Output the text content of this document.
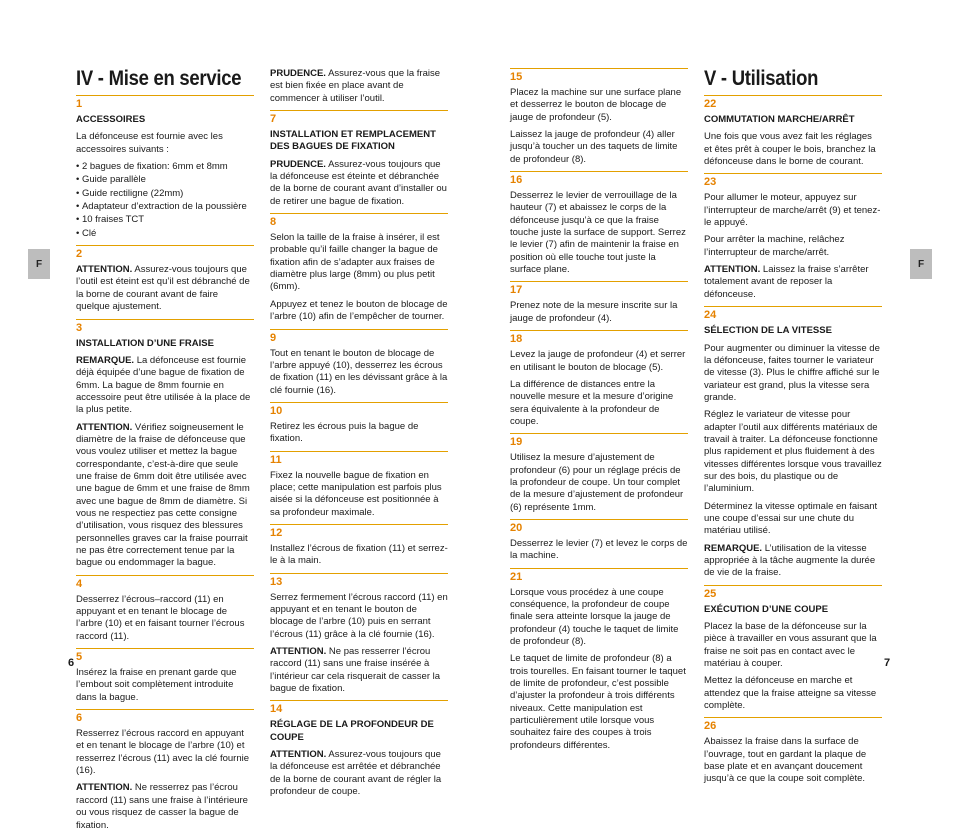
F	F
IV - Mise en service
1
ACCESSOIRES

La défonceuse est fournie avec les accessoires suivants :

• 2 bagues de fixation: 6mm et 8mm
• Guide parallèle
• Guide rectiligne (22mm)
• Adaptateur d’extraction de la poussière
• 10 fraises TCT
• Clé
2

ATTENTION. Assurez-vous toujours que l’outil est éteint est qu’il est débranché de la borne de courant avant de faire quelque ajustement.

3
INSTALLATION D’UNE FRAISE

REMARQUE. La défonceuse est fournie déjà équipée d’une bague de fixation de 6mm. La bague de 8mm fournie en accessoire peut être utilisée à la place de la plus petite.

ATTENTION. Vérifiez soigneusement le diamètre de la fraise de défonceuse que vous voulez utiliser et mettez la bague correspondante, c’est-à-dire que seule une fraise de 6mm doit être utilisée avec une bague de 6mm et une fraise de 8mm avec une bague de 8mm de diamètre. Si vous ne respectiez pas cette consigne d’utilisation, vous risquez des blessures personnelles graves car la fraise pourrait ne pas être correctement tenue par la bague ou endommager la bague.

4

Desserrez l’écrous–raccord (11) en appuyant et en tenant le blocage de l’arbre (10) et en faisant tourner l’écrous raccord (11).

5

Insérez la fraise en prenant garde que l’embout soit complètement introduite dans la bague.

6

Resserrez l’écrous raccord en appuyant et en tenant le blocage de l’arbre (10) et resserrez l’écrous (11) avec la clé fournie (16).

ATTENTION. Ne resserrez pas l’écrou raccord (11) sans une fraise à l’intérieure ou vous risquez de casser la bague de fixation.

PRUDENCE. Assurez-vous que la fraise est bien fixée en place avant de commencer à utiliser l’outil.

7
INSTALLATION ET REMPLACEMENT DES BAGUES DE FIXATION

PRUDENCE. Assurez-vous toujours que la défonceuse est éteinte et débranchée de la borne de courant avant d’installer ou de retirer une bague de fixation.

8

Selon la taille de la fraise à insérer, il est probable qu’il faille changer la bague de fixation afin de s’adapter aux fraises de diamètre plus large (8mm) ou plus petit (6mm).

Appuyez et tenez le bouton de blocage de l’arbre (10) afin de l’empêcher de tourner.

9

Tout en tenant le bouton de blocage de l’arbre appuyé (10), desserrez les écrous de fixation (11) en les dévissant grâce à la clé fournie (16).

10

Retirez les écrous puis la bague de fixation.

11

Fixez la nouvelle bague de fixation en place; cette manipulation est parfois plus aisée si la défonceuse est positionnée à sa profondeur maximale.

12

Installez l’écrous de fixation (11) et serrez-le à la main.

13

Serrez fermement l’écrous raccord (11) en appuyant et en tenant le bouton de blocage de l’arbre (10) puis en serrant l’écrous (11) grâce à la clé fournie (16).

ATTENTION. Ne pas resserrer l’écrou raccord (11) sans une fraise insérée à l’intérieur car cela risquerait de casser la bague de fixation.

14
RÉGLAGE DE LA PROFONDEUR DE COUPE

ATTENTION. Assurez-vous toujours que la défonceuse est arrêtée et débranchée de la borne de courant avant de régler la profondeur de coupe.

15

Placez la machine sur une surface plane et desserrez le bouton de blocage de jauge de profondeur (5).

Laissez la jauge de profondeur (4) aller jusqu’à toucher un des taquets de limite de profondeur (8).

16

Desserrez le levier de verrouillage de la hauteur (7) et abaissez le corps de la défonceuse jusqu’à ce que la fraise touche juste la surface de support. Serrez le levier (7) afin de maintenir la fraise en position où elle touche tout juste la surface plane.

17

Prenez note de la mesure inscrite sur la jauge de profondeur (4).

18

Levez la jauge de profondeur (4) et serrer en utilisant le bouton de blocage (5).

La différence de distances entre la nouvelle mesure et la mesure d’origine sera équivalente à la profondeur de coupe.

19

Utilisez la mesure d’ajustement de profondeur (6) pour un réglage précis de la profondeur de coupe. Un tour complet de la mesure d’ajustement de profondeur (6) représente 1mm.

20

Desserrez le levier (7) et levez le corps de la machine.

21

Lorsque vous procédez à une coupe conséquence, la profondeur de coupe finale sera atteinte lorsque la jauge de profondeur (4) touche le taquet de limite de profondeur (8).

Le taquet de limite de profondeur (8) a trois tourelles. En faisant tourner le taquet de limite de profondeur, c’est possible d’ajuster la profondeur à trois différents niveaux. Cette manipulation est particulièrement utile lorsque vous souhaitez faire des coupes à trois profondeurs différentes.

V - Utilisation
22
COMMUTATION MARCHE/ARRÊT

Une fois que vous avez fait les réglages et êtes prêt à couper le bois, branchez la défonceuse dans le borne de courant.

23

Pour allumer le moteur, appuyez sur l’interrupteur de marche/arrêt (9) et tenez-le appuyé.

Pour arrêter la machine, relâchez l’interrupteur de marche/arrêt.

ATTENTION. Laissez la fraise s’arrêter totalement avant de reposer la défonceuse.

24
SÉLECTION DE LA VITESSE

Pour augmenter ou diminuer la vitesse de la défonceuse, faites tourner le variateur de vitesse (3). Plus le chiffre affiché sur le variateur est grand, plus la vitesse sera grande.

Réglez le variateur de vitesse pour adapter l’outil aux différents matériaux de travail à traiter. La défonceuse fonctionne plus rapidement et plus fluidement à des vitesses différentes lorsque vous travaillez sur des bois, du plastique ou de l’aluminium.

Déterminez la vitesse optimale en faisant une coupe d’essai sur une chute du matériau utilisé.

REMARQUE. L’utilisation de la vitesse appropriée à la tâche augmente la durée de vie de la fraise.

25
EXÉCUTION D’UNE COUPE

Placez la base de la défonceuse sur la pièce à travailler en vous assurant que la fraise ne soit pas en contact avec le matériau à couper.

Mettez la défonceuse en marche et attendez que la fraise atteigne sa vitesse complète.

26

Abaissez la fraise dans la surface de l’ouvrage, tout en gardant la plaque de base plate et en avançant doucement jusqu’à ce que la coupe soit complète.

6	7
